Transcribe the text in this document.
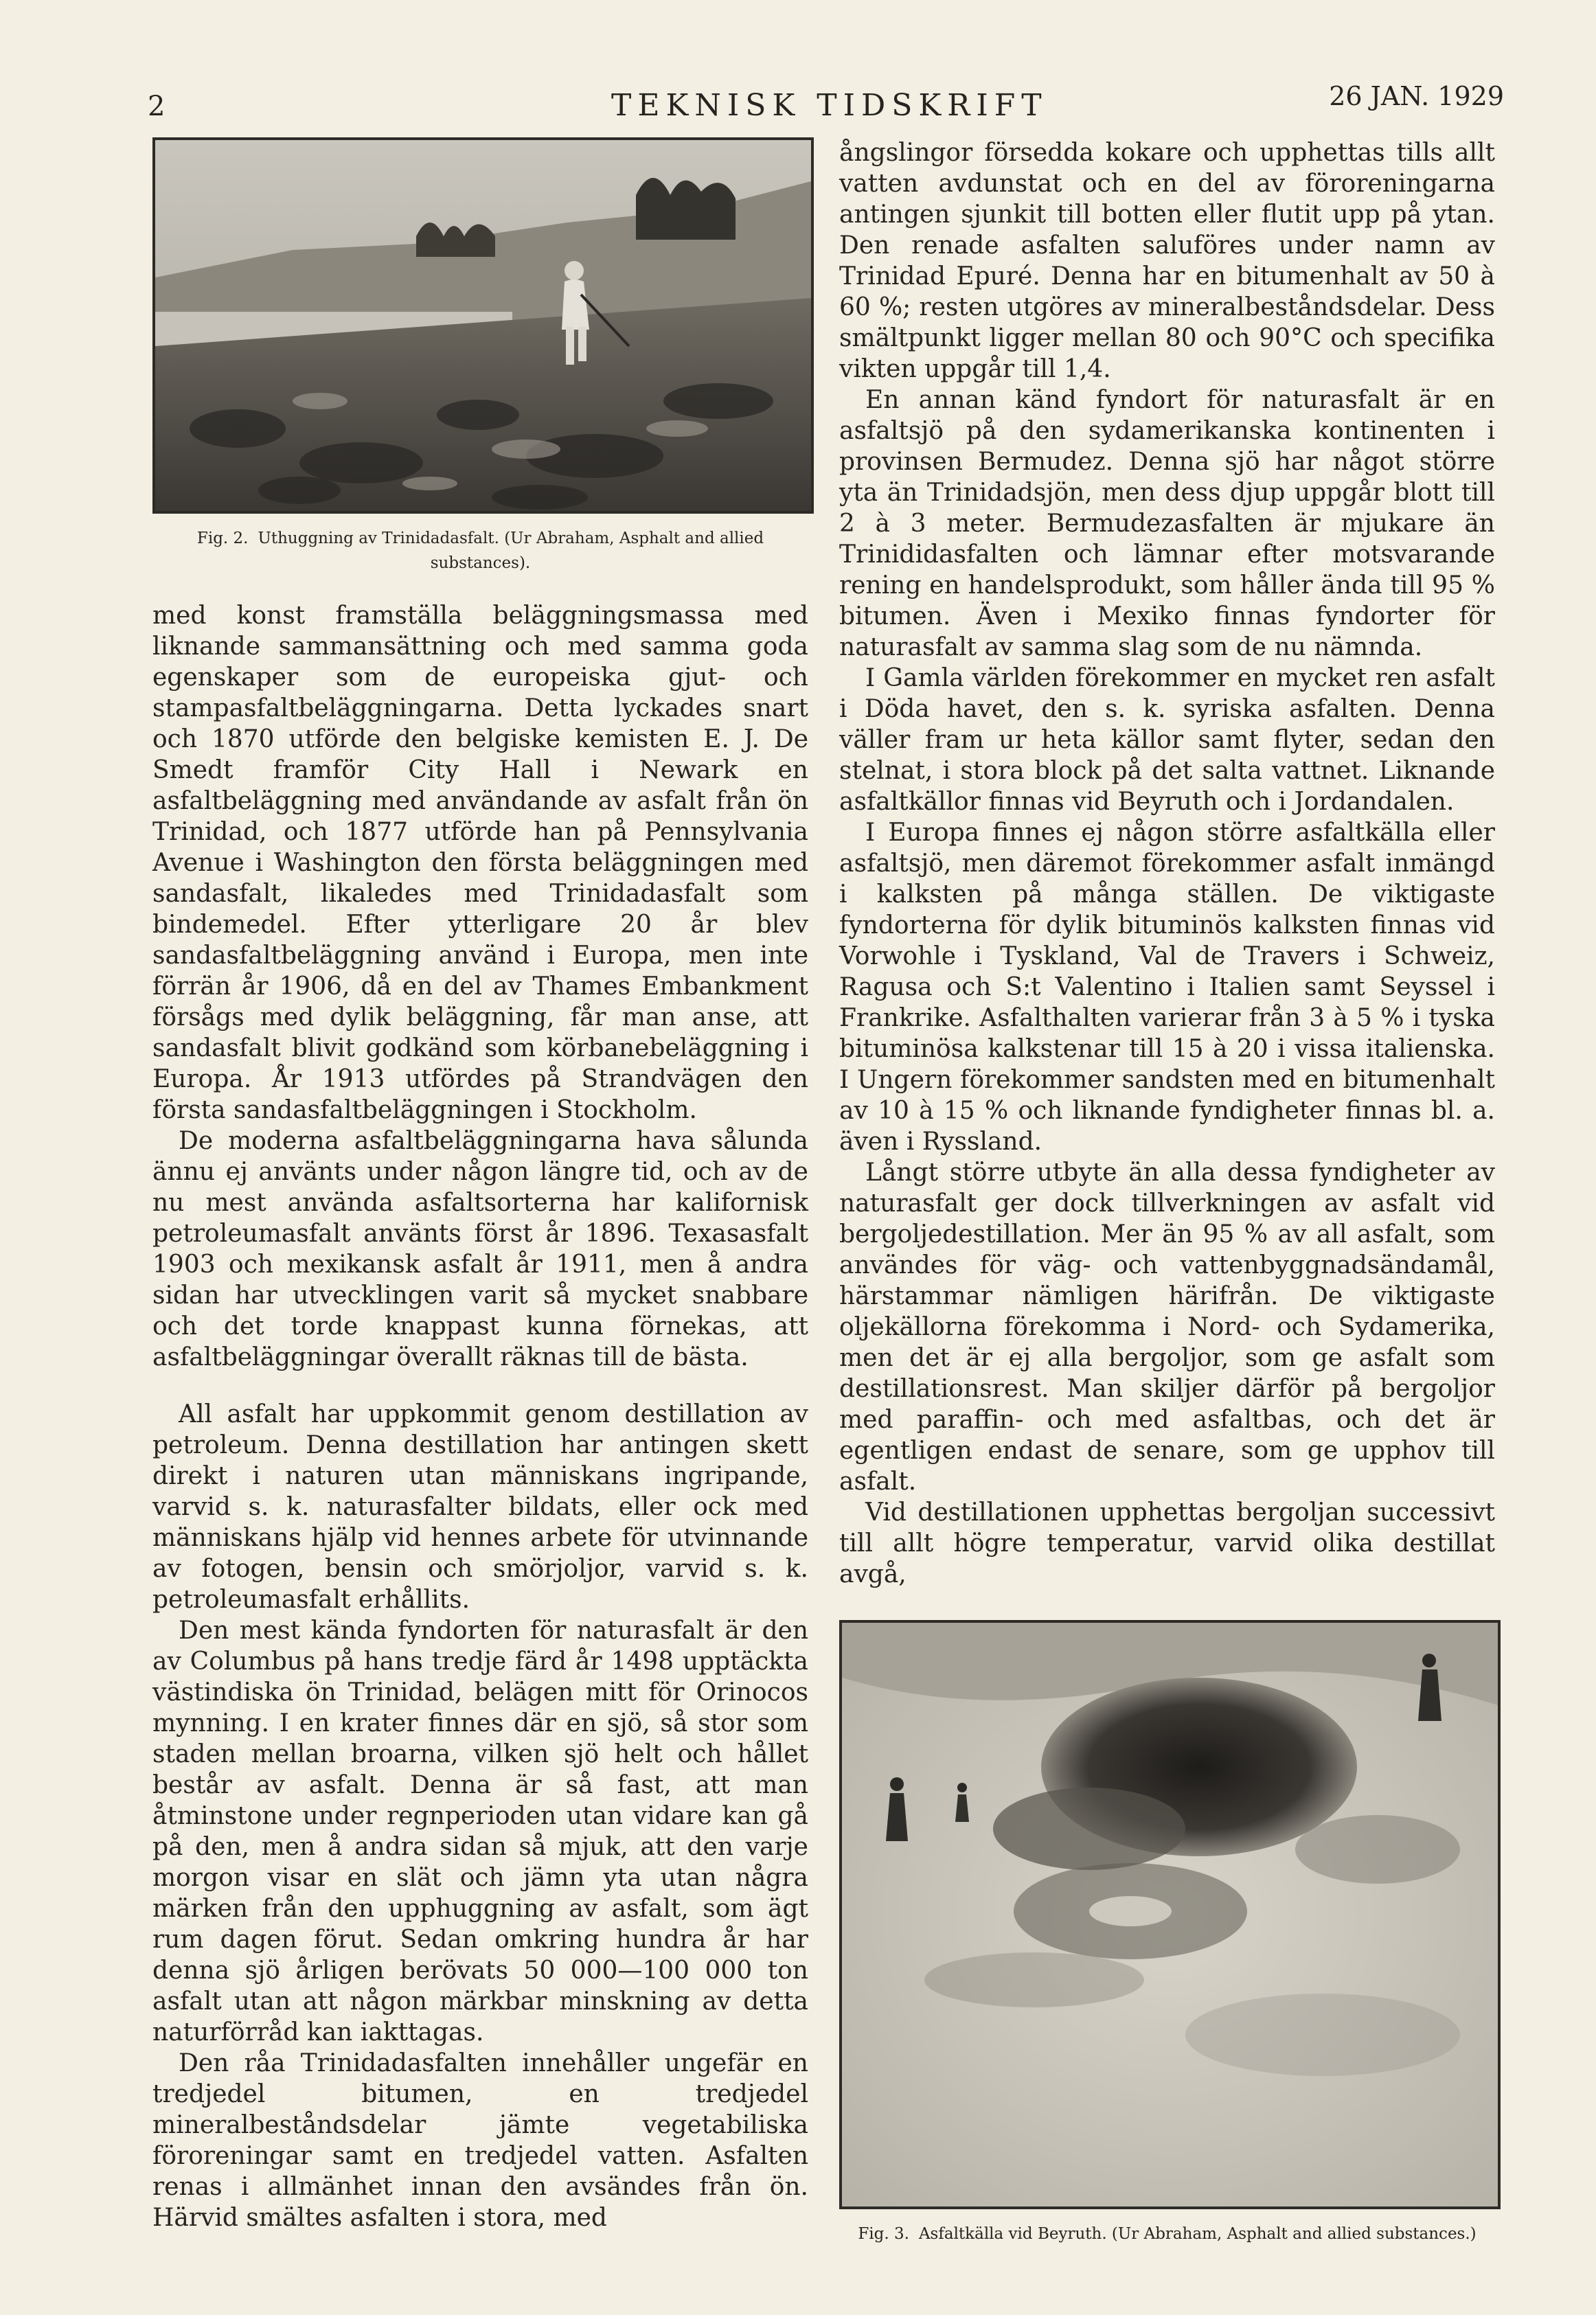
2	TEKNISK TIDSKRIFT	26 JAN. 1929
Fig. 2. Uthuggning av Trinidadasfalt. (Ur Abraham, Asphalt and allied substances).

med konst framställa beläggningsmassa med liknande sammansättning och med samma goda egenskaper som de europeiska gjut- och stampasfaltbeläggningarna. Detta lyckades snart och 1870 utförde den belgiske kemisten E. J. De Smedt framför City Hall i Newark en asfaltbeläggning med användande av asfalt från ön Trinidad, och 1877 utförde han på Pennsylvania Avenue i Washington den första beläggningen med sandasfalt, likaledes med Trinidadasfalt som bindemedel. Efter ytterligare 20 år blev sandasfaltbeläggning använd i Europa, men inte förrän år 1906, då en del av Thames Embankment försågs med dylik beläggning, får man anse, att sandasfalt blivit godkänd som körbanebeläggning i Europa. År 1913 utfördes på Strandvägen den första sandasfaltbeläggningen i Stockholm.

De moderna asfaltbeläggningarna hava sålunda ännu ej använts under någon längre tid, och av de nu mest använda asfaltsorterna har kalifornisk petroleumasfalt använts först år 1896. Texasasfalt 1903 och mexikansk asfalt år 1911, men å andra sidan har utvecklingen varit så mycket snabbare och det torde knappast kunna förnekas, att asfaltbeläggningar överallt räknas till de bästa.

All asfalt har uppkommit genom destillation av petroleum. Denna destillation har antingen skett direkt i naturen utan människans ingripande, varvid s. k. naturasfalter bildats, eller ock med människans hjälp vid hennes arbete för utvinnande av fotogen, bensin och smörjoljor, varvid s. k. petroleumasfalt erhållits.

Den mest kända fyndorten för naturasfalt är den av Columbus på hans tredje färd år 1498 upptäckta västindiska ön Trinidad, belägen mitt för Orinocos mynning. I en krater finnes där en sjö, så stor som staden mellan broarna, vilken sjö helt och hållet består av asfalt. Denna är så fast, att man åtminstone under regnperioden utan vidare kan gå på den, men å andra sidan så mjuk, att den varje morgon visar en slät och jämn yta utan några märken från den upphuggning av asfalt, som ägt rum dagen förut. Sedan omkring hundra år har denna sjö årligen berövats 50 000—100 000 ton asfalt utan att någon märkbar minskning av detta naturförråd kan iakttagas.

Den råa Trinidadasfalten innehåller ungefär en tredjedel bitumen, en tredjedel mineralbeståndsdelar jämte vegetabiliska föroreningar samt en tredjedel vatten. Asfalten renas i allmänhet innan den avsändes från ön. Härvid smältes asfalten i stora, med

ångslingor försedda kokare och upphettas tills allt vatten avdunstat och en del av föroreningarna antingen sjunkit till botten eller flutit upp på ytan. Den renade asfalten saluföres under namn av Trinidad Epuré. Denna har en bitumenhalt av 50 à 60 %; resten utgöres av mineralbeståndsdelar. Dess smältpunkt ligger mellan 80 och 90°C och specifika vikten uppgår till 1,4.

En annan känd fyndort för naturasfalt är en asfaltsjö på den sydamerikanska kontinenten i provinsen Bermudez. Denna sjö har något större yta än Trinidadsjön, men dess djup uppgår blott till 2 à 3 meter. Bermudezasfalten är mjukare än Trinididasfalten och lämnar efter motsvarande rening en handelsprodukt, som håller ända till 95 % bitumen. Även i Mexiko finnas fyndorter för naturasfalt av samma slag som de nu nämnda.

I Gamla världen förekommer en mycket ren asfalt i Döda havet, den s. k. syriska asfalten. Denna väller fram ur heta källor samt flyter, sedan den stelnat, i stora block på det salta vattnet. Liknande asfaltkällor finnas vid Beyruth och i Jordandalen.

I Europa finnes ej någon större asfaltkälla eller asfaltsjö, men däremot förekommer asfalt inmängd i kalksten på många ställen. De viktigaste fyndorterna för dylik bituminös kalksten finnas vid Vorwohle i Tyskland, Val de Travers i Schweiz, Ragusa och S:t Valentino i Italien samt Seyssel i Frankrike. Asfalthalten varierar från 3 à 5 % i tyska bituminösa kalkstenar till 15 à 20 i vissa italienska. I Ungern förekommer sandsten med en bitumenhalt av 10 à 15 % och liknande fyndigheter finnas bl. a. även i Ryssland.

Långt större utbyte än alla dessa fyndigheter av naturasfalt ger dock tillverkningen av asfalt vid bergoljedestillation. Mer än 95 % av all asfalt, som användes för väg- och vattenbyggnadsändamål, härstammar nämligen härifrån. De viktigaste oljekällorna förekomma i Nord- och Sydamerika, men det är ej alla bergoljor, som ge asfalt som destillationsrest. Man skiljer därför på bergoljor med paraffin- och med asfaltbas, och det är egentligen endast de senare, som ge upphov till asfalt.

Vid destillationen upphettas bergoljan successivt till allt högre temperatur, varvid olika destillat avgå,

Fig. 3. Asfaltkälla vid Beyruth. (Ur Abraham, Asphalt and allied substances.)
